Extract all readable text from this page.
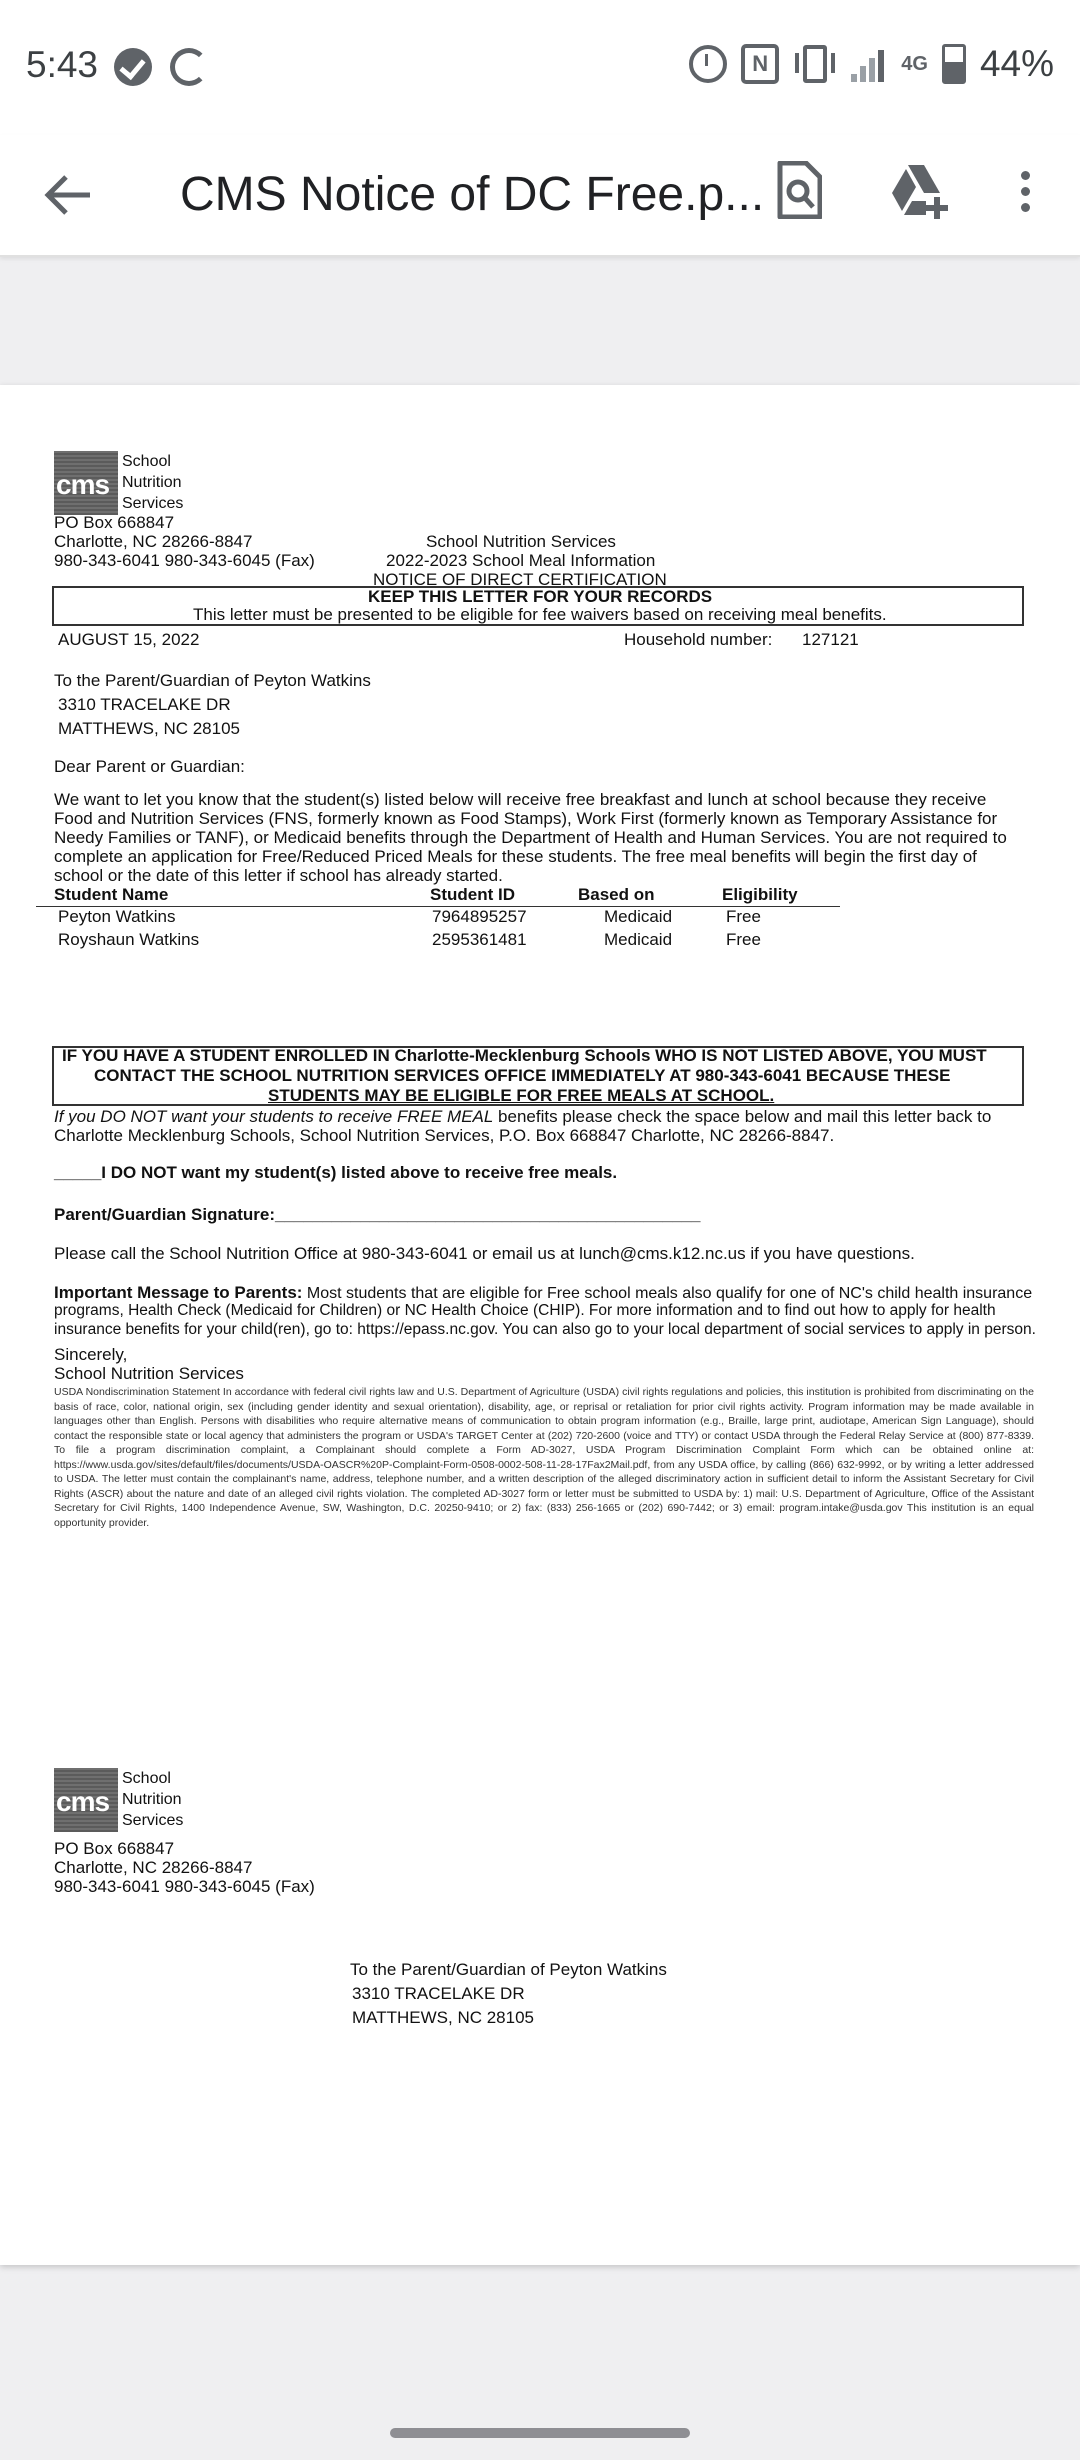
5:43	N	4G 44%
CMS Notice of DC Free.p...
cms
School
Nutrition
Services
PO Box 668847
Charlotte, NC 28266-8847
980-343-6041 980-343-6045 (Fax)
School Nutrition Services
2022-2023 School Meal Information
NOTICE OF DIRECT CERTIFICATION
KEEP THIS LETTER FOR YOUR RECORDS
This letter must be presented to be eligible for fee waivers based on receiving meal benefits.
AUGUST 15, 2022	Household number: 127121
To the Parent/Guardian of Peyton Watkins
3310 TRACELAKE DR
MATTHEWS, NC 28105
Dear Parent or Guardian:
We want to let you know that the student(s) listed below will receive free breakfast and lunch at school because they receive
Food and Nutrition Services (FNS, formerly known as Food Stamps), Work First (formerly known as Temporary Assistance for
Needy Families or TANF), or Medicaid benefits through the Department of Health and Human Services. You are not required to
complete an application for Free/Reduced Priced Meals for these students. The free meal benefits will begin the first day of
school or the date of this letter if school has already started.
Student Name	Student ID	Based on	Eligibility
Peyton Watkins	7964895257	Medicaid	Free
Royshaun Watkins	2595361481	Medicaid	Free
IF YOU HAVE A STUDENT ENROLLED IN Charlotte-Mecklenburg Schools WHO IS NOT LISTED ABOVE, YOU MUST
CONTACT THE SCHOOL NUTRITION SERVICES OFFICE IMMEDIATELY AT 980-343-6041 BECAUSE THESE
STUDENTS MAY BE ELIGIBLE FOR FREE MEALS AT SCHOOL.
If you DO NOT want your students to receive FREE MEAL benefits please check the space below and mail this letter back to
Charlotte Mecklenburg Schools, School Nutrition Services, P.O. Box 668847 Charlotte, NC 28266-8847.
_____I DO NOT want my student(s) listed above to receive free meals.
Parent/Guardian Signature:_____________________________________________
Please call the School Nutrition Office at 980-343-6041 or email us at lunch@cms.k12.nc.us if you have questions.
Important Message to Parents: Most students that are eligible for Free school meals also qualify for one of NC's child health insurance
programs, Health Check (Medicaid for Children) or NC Health Choice (CHIP). For more information and to find out how to apply for health
insurance benefits for your child(ren), go to: https://epass.nc.gov. You can also go to your local department of social services to apply in person.
Sincerely,
School Nutrition Services
USDA Nondiscrimination Statement In accordance with federal civil rights law and U.S. Department of Agriculture (USDA) civil rights regulations and policies, this institution is prohibited from discriminating on the basis of race, color, national origin, sex (including gender identity and sexual orientation), disability, age, or reprisal or retaliation for prior civil rights activity. Program information may be made available in languages other than English. Persons with disabilities who require alternative means of communication to obtain program information (e.g., Braille, large print, audiotape, American Sign Language), should contact the responsible state or local agency that administers the program or USDA's TARGET Center at (202) 720-2600 (voice and TTY) or contact USDA through the Federal Relay Service at (800) 877-8339. To file a program discrimination complaint, a Complainant should complete a Form AD-3027, USDA Program Discrimination Complaint Form which can be obtained online at: https://www.usda.gov/sites/default/files/documents/USDA-OASCR%20P-Complaint-Form-0508-0002-508-11-28-17Fax2Mail.pdf, from any USDA office, by calling (866) 632-9992, or by writing a letter addressed to USDA. The letter must contain the complainant's name, address, telephone number, and a written description of the alleged discriminatory action in sufficient detail to inform the Assistant Secretary for Civil Rights (ASCR) about the nature and date of an alleged civil rights violation. The completed AD-3027 form or letter must be submitted to USDA by: 1) mail: U.S. Department of Agriculture, Office of the Assistant Secretary for Civil Rights, 1400 Independence Avenue, SW, Washington, D.C. 20250-9410; or 2) fax: (833) 256-1665 or (202) 690-7442; or 3) email: program.intake@usda.gov This institution is an equal opportunity provider.
cms
School
Nutrition
Services
PO Box 668847
Charlotte, NC 28266-8847
980-343-6041 980-343-6045 (Fax)
To the Parent/Guardian of Peyton Watkins
3310 TRACELAKE DR
MATTHEWS, NC 28105
